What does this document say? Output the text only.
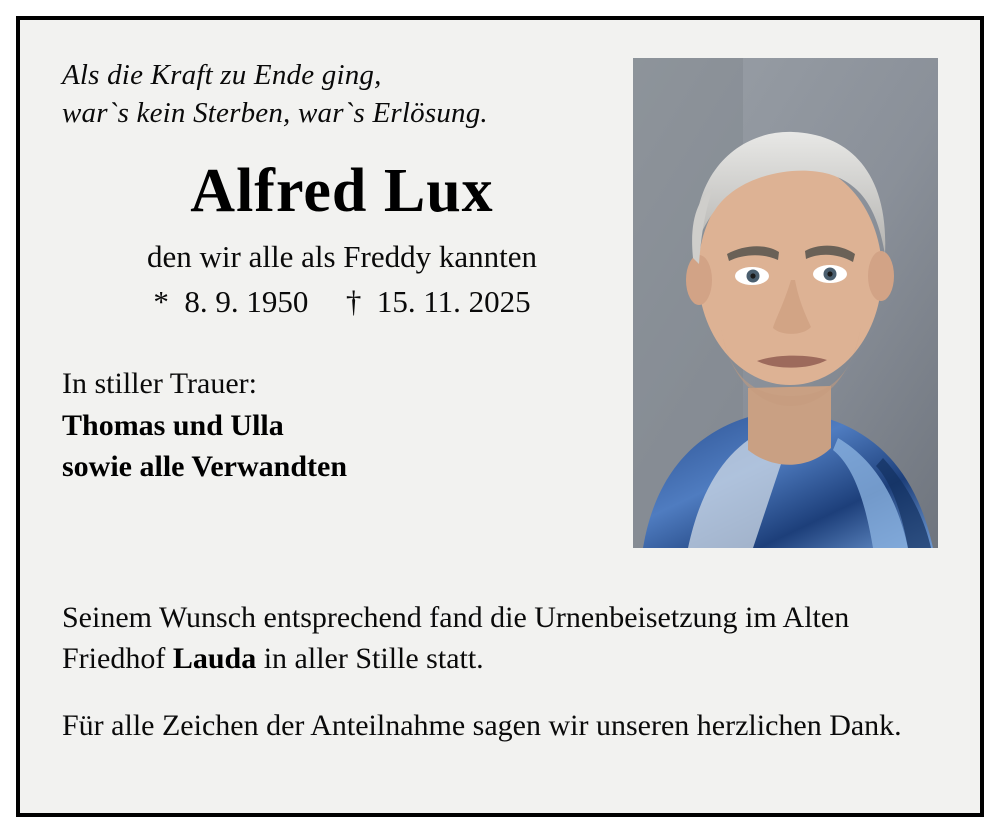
Als die Kraft zu Ende ging,
war`s kein Sterben, war`s Erlösung.
Alfred Lux
den wir alle als Freddy kannten
* 8. 9. 1950 † 15. 11. 2025
In stiller Trauer:
Thomas und Ulla
sowie alle Verwandten
Seinem Wunsch entsprechend fand die Urnenbeisetzung im Alten Friedhof Lauda in aller Stille statt.
Für alle Zeichen der Anteilnahme sagen wir unseren herzlichen Dank.
